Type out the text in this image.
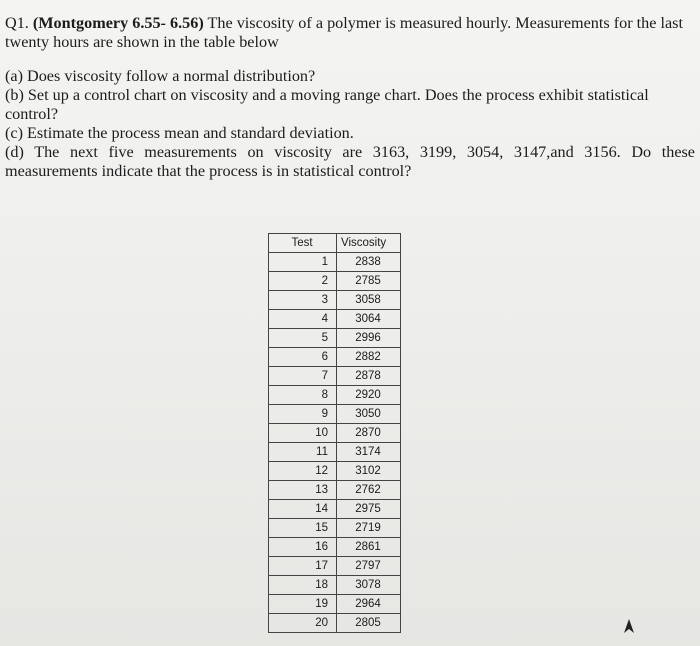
Q1. (Montgomery 6.55- 6.56) The viscosity of a polymer is measured hourly. Measurements for the last twenty hours are shown in the table below

(a) Does viscosity follow a normal distribution?

(b) Set up a control chart on viscosity and a moving range chart. Does the process exhibit statistical control?

(c) Estimate the process mean and standard deviation.

(d) The next five measurements on viscosity are 3163, 3199, 3054, 3147,and 3156. Do these measurements indicate that the process is in statistical control?

Test	Viscosity
1	2838
2	2785
3	3058
4	3064
5	2996
6	2882
7	2878
8	2920
9	3050
10	2870
11	3174
12	3102
13	2762
14	2975
15	2719
16	2861
17	2797
18	3078
19	2964
20	2805
